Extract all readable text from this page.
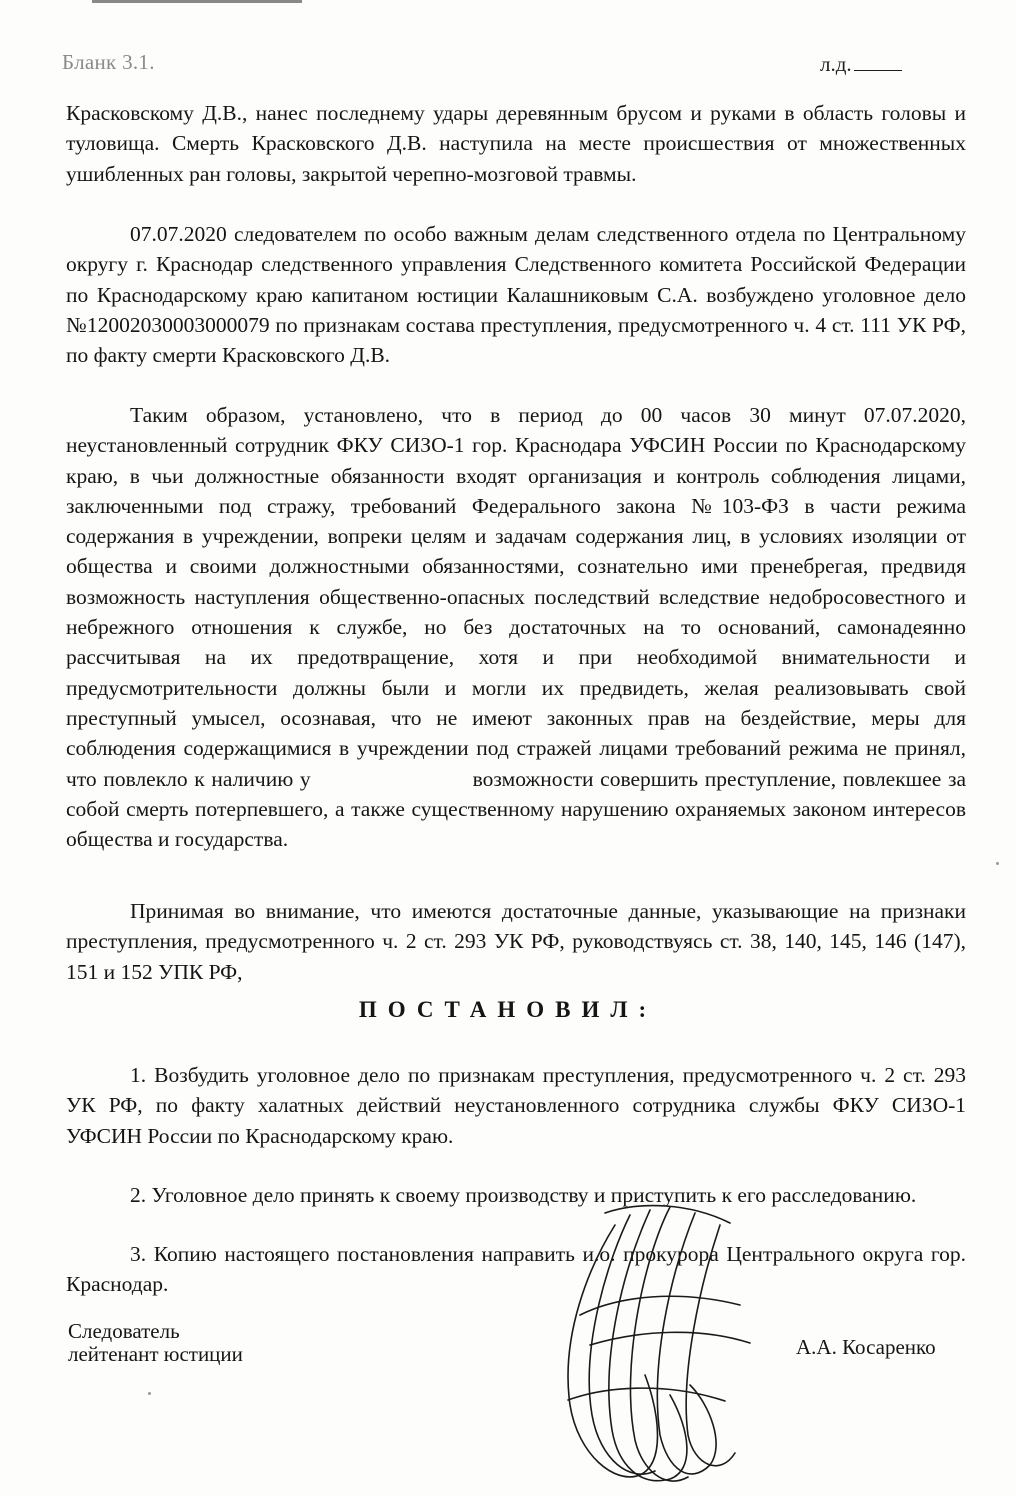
Бланк 3.1.	л.д.

Красковскому Д.В., нанес последнему удары деревянным брусом и руками в область головы и туловища. Смерть Красковского Д.В. наступила на месте происшествия от множественных ушибленных ран головы, закрытой черепно-мозговой травмы.

07.07.2020 следователем по особо важным делам следственного отдела по Центральному округу г. Краснодар следственного управления Следственного комитета Российской Федерации по Краснодарскому краю капитаном юстиции Калашниковым С.А. возбуждено уголовное дело №12002030003000079 по признакам состава преступления, предусмотренного ч. 4 ст. 111 УК РФ, по факту смерти Красковского Д.В.

Таким образом, установлено, что в период до 00 часов 30 минут 07.07.2020, неустановленный сотрудник ФКУ СИЗО-1 гор. Краснодара УФСИН России по Краснодарскому краю, в чьи должностные обязанности входят организация и контроль соблюдения лицами, заключенными под стражу, требований Федерального закона №103-ФЗ в части режима содержания в учреждении, вопреки целям и задачам содержания лиц, в условиях изоляции от общества и своими должностными обязанностями, сознательно ими пренебрегая, предвидя возможность наступления общественно-опасных последствий вследствие недобросовестного и небрежного отношения к службе, но без достаточных на то оснований, самонадеянно рассчитывая на их предотвращение, хотя и при необходимой внимательности и предусмотрительности должны были и могли их предвидеть, желая реализовывать свой преступный умысел, осознавая, что не имеют законных прав на бездействие, меры для соблюдения содержащимися в учреждении под стражей лицами требований режима не принял, что повлекло к наличию у	возможности совершить преступление, повлекшее за собой смерть потерпевшего, а также существенному нарушению охраняемых законом интересов общества и государства.

Принимая во внимание, что имеются достаточные данные, указывающие на признаки преступления, предусмотренного ч. 2 ст. 293 УК РФ, руководствуясь ст. 38, 140, 145, 146 (147), 151 и 152 УПК РФ,

ПОСТАНОВИЛ:

1. Возбудить уголовное дело по признакам преступления, предусмотренного ч. 2 ст. 293 УК РФ, по факту халатных действий неустановленного сотрудника службы ФКУ СИЗО-1 УФСИН России по Краснодарскому краю.

2. Уголовное дело принять к своему производству и приступить к его расследованию.

3. Копию настоящего постановления направить и.о. прокурора Центрального округа гор. Краснодар.

Следователь
лейтенант юстиции	А.А. Косаренко
